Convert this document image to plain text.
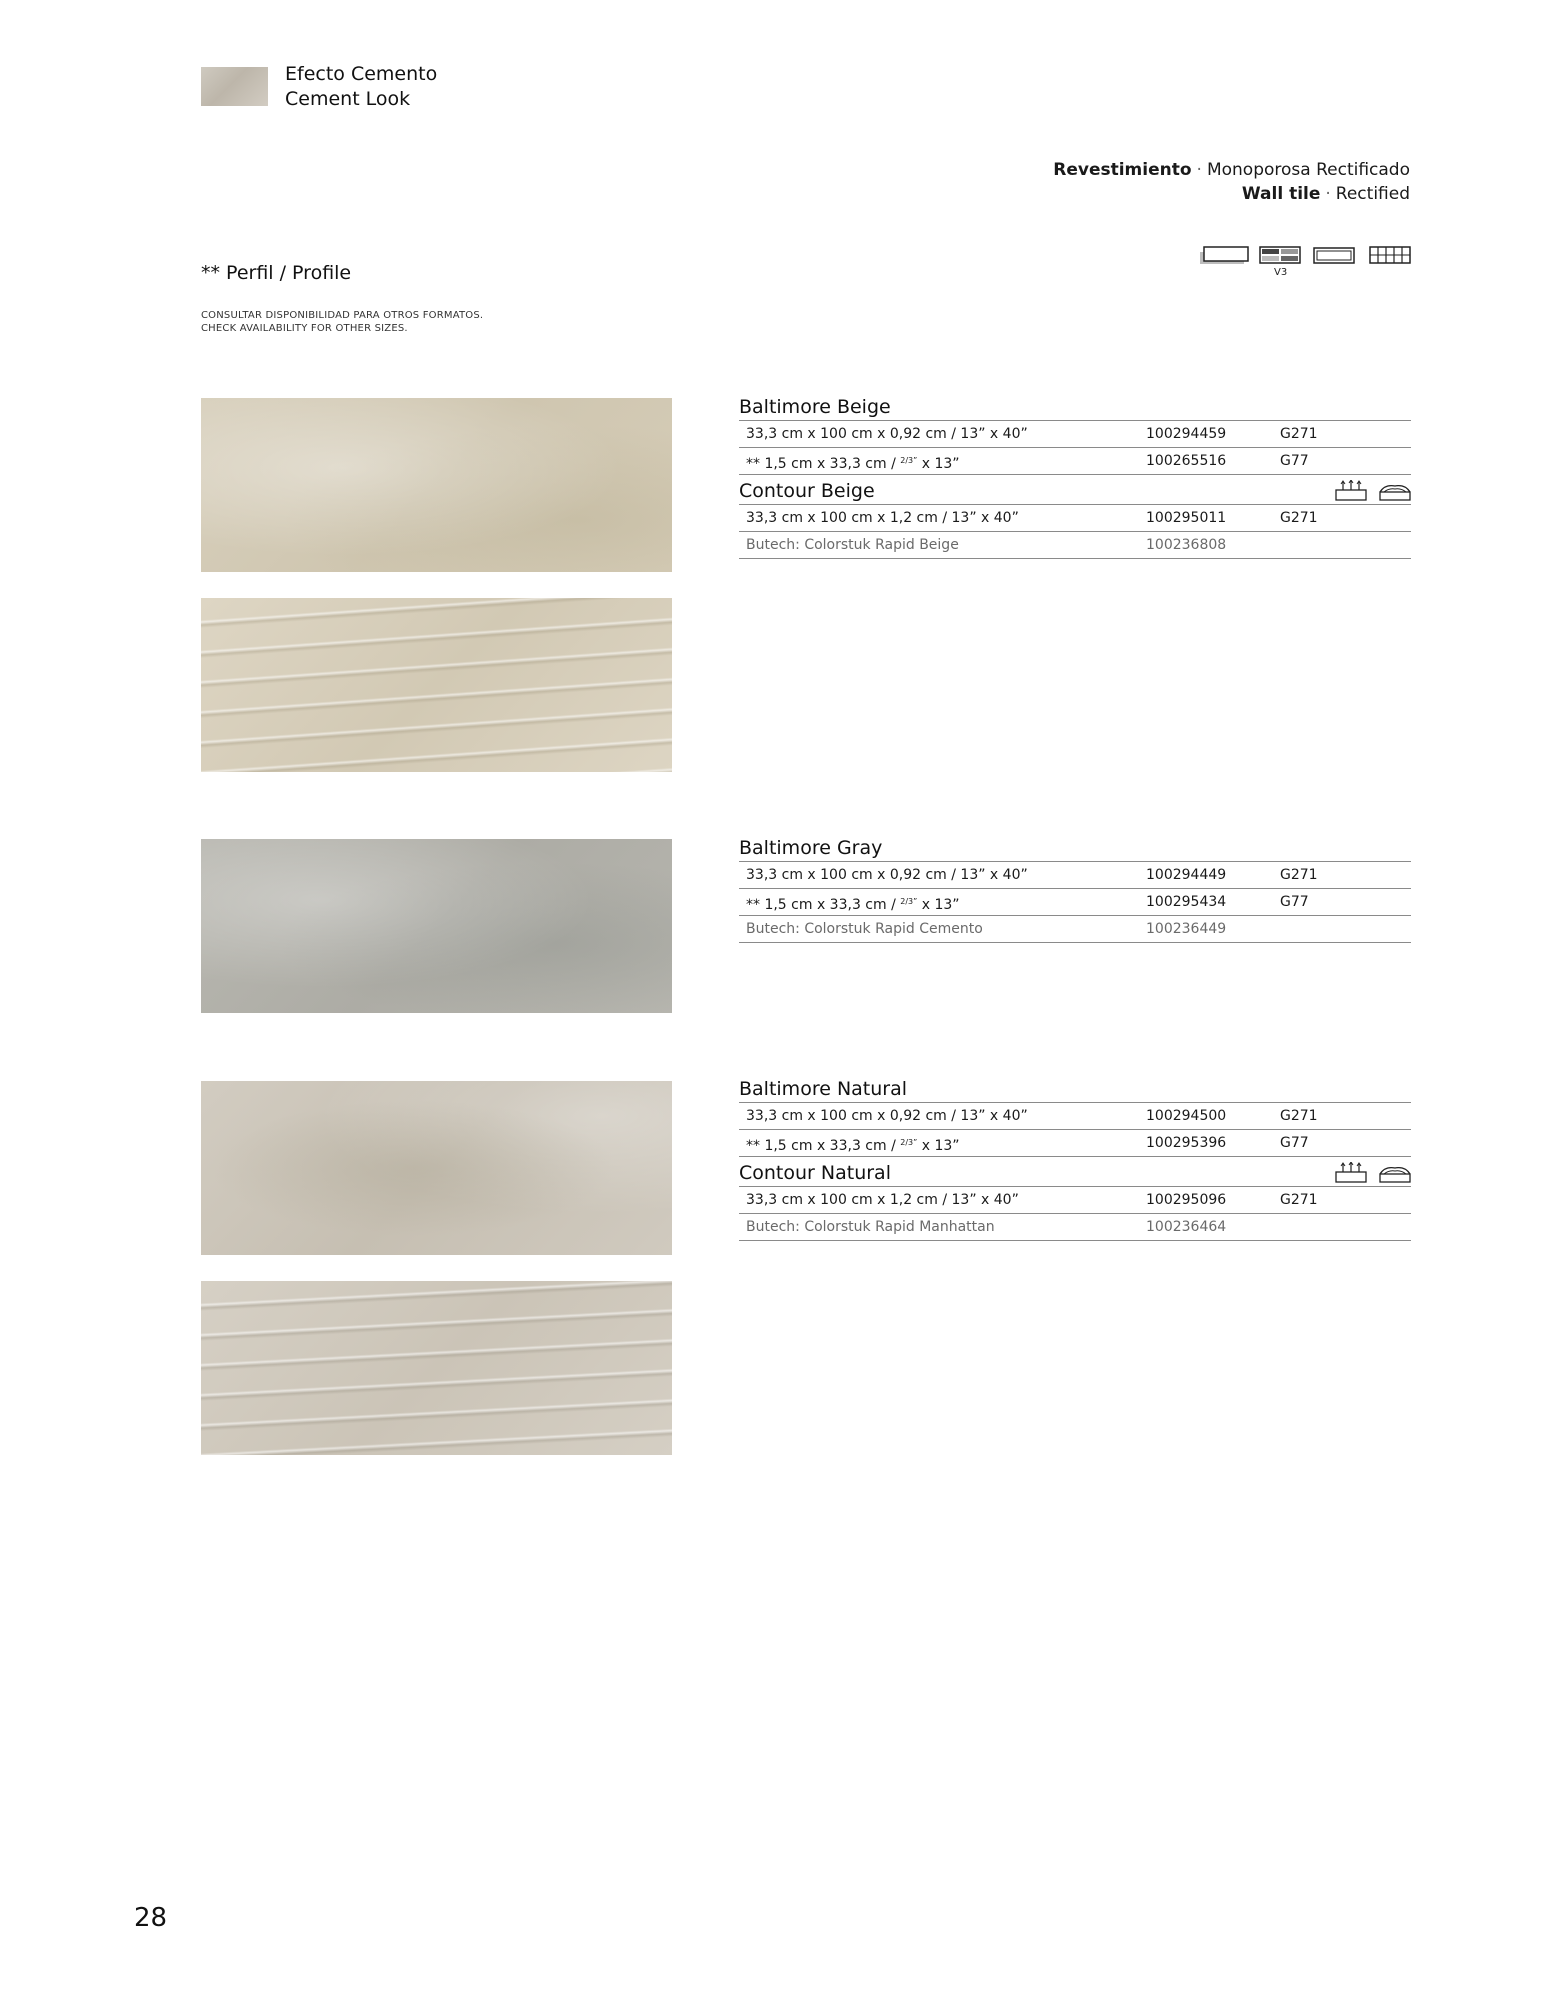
Efecto Cemento
Cement Look
Revestimiento · Monoporosa Rectificado
Wall tile · Rectified
V3
** Perfil / Profile
CONSULTAR DISPONIBILIDAD PARA OTROS FORMATOS.
CHECK AVAILABILITY FOR OTHER SIZES.
Baltimore Beige
33,3 cm x 100 cm x 0,92 cm / 13” x 40”	100294459	G271
** 1,5 cm x 33,3 cm / $^{2/3”}$ x 13”	100265516	G77
Contour Beige
33,3 cm x 100 cm x 1,2 cm / 13” x 40”	100295011	G271
Butech: Colorstuk Rapid Beige	100236808
Baltimore Gray
33,3 cm x 100 cm x 0,92 cm / 13” x 40”	100294449	G271
** 1,5 cm x 33,3 cm / $^{2/3”}$ x 13”	100295434	G77
Butech: Colorstuk Rapid Cemento	100236449
Baltimore Natural
33,3 cm x 100 cm x 0,92 cm / 13” x 40”	100294500	G271
** 1,5 cm x 33,3 cm / $^{2/3”}$ x 13”	100295396	G77
Contour Natural
33,3 cm x 100 cm x 1,2 cm / 13” x 40”	100295096	G271
Butech: Colorstuk Rapid Manhattan	100236464
28
